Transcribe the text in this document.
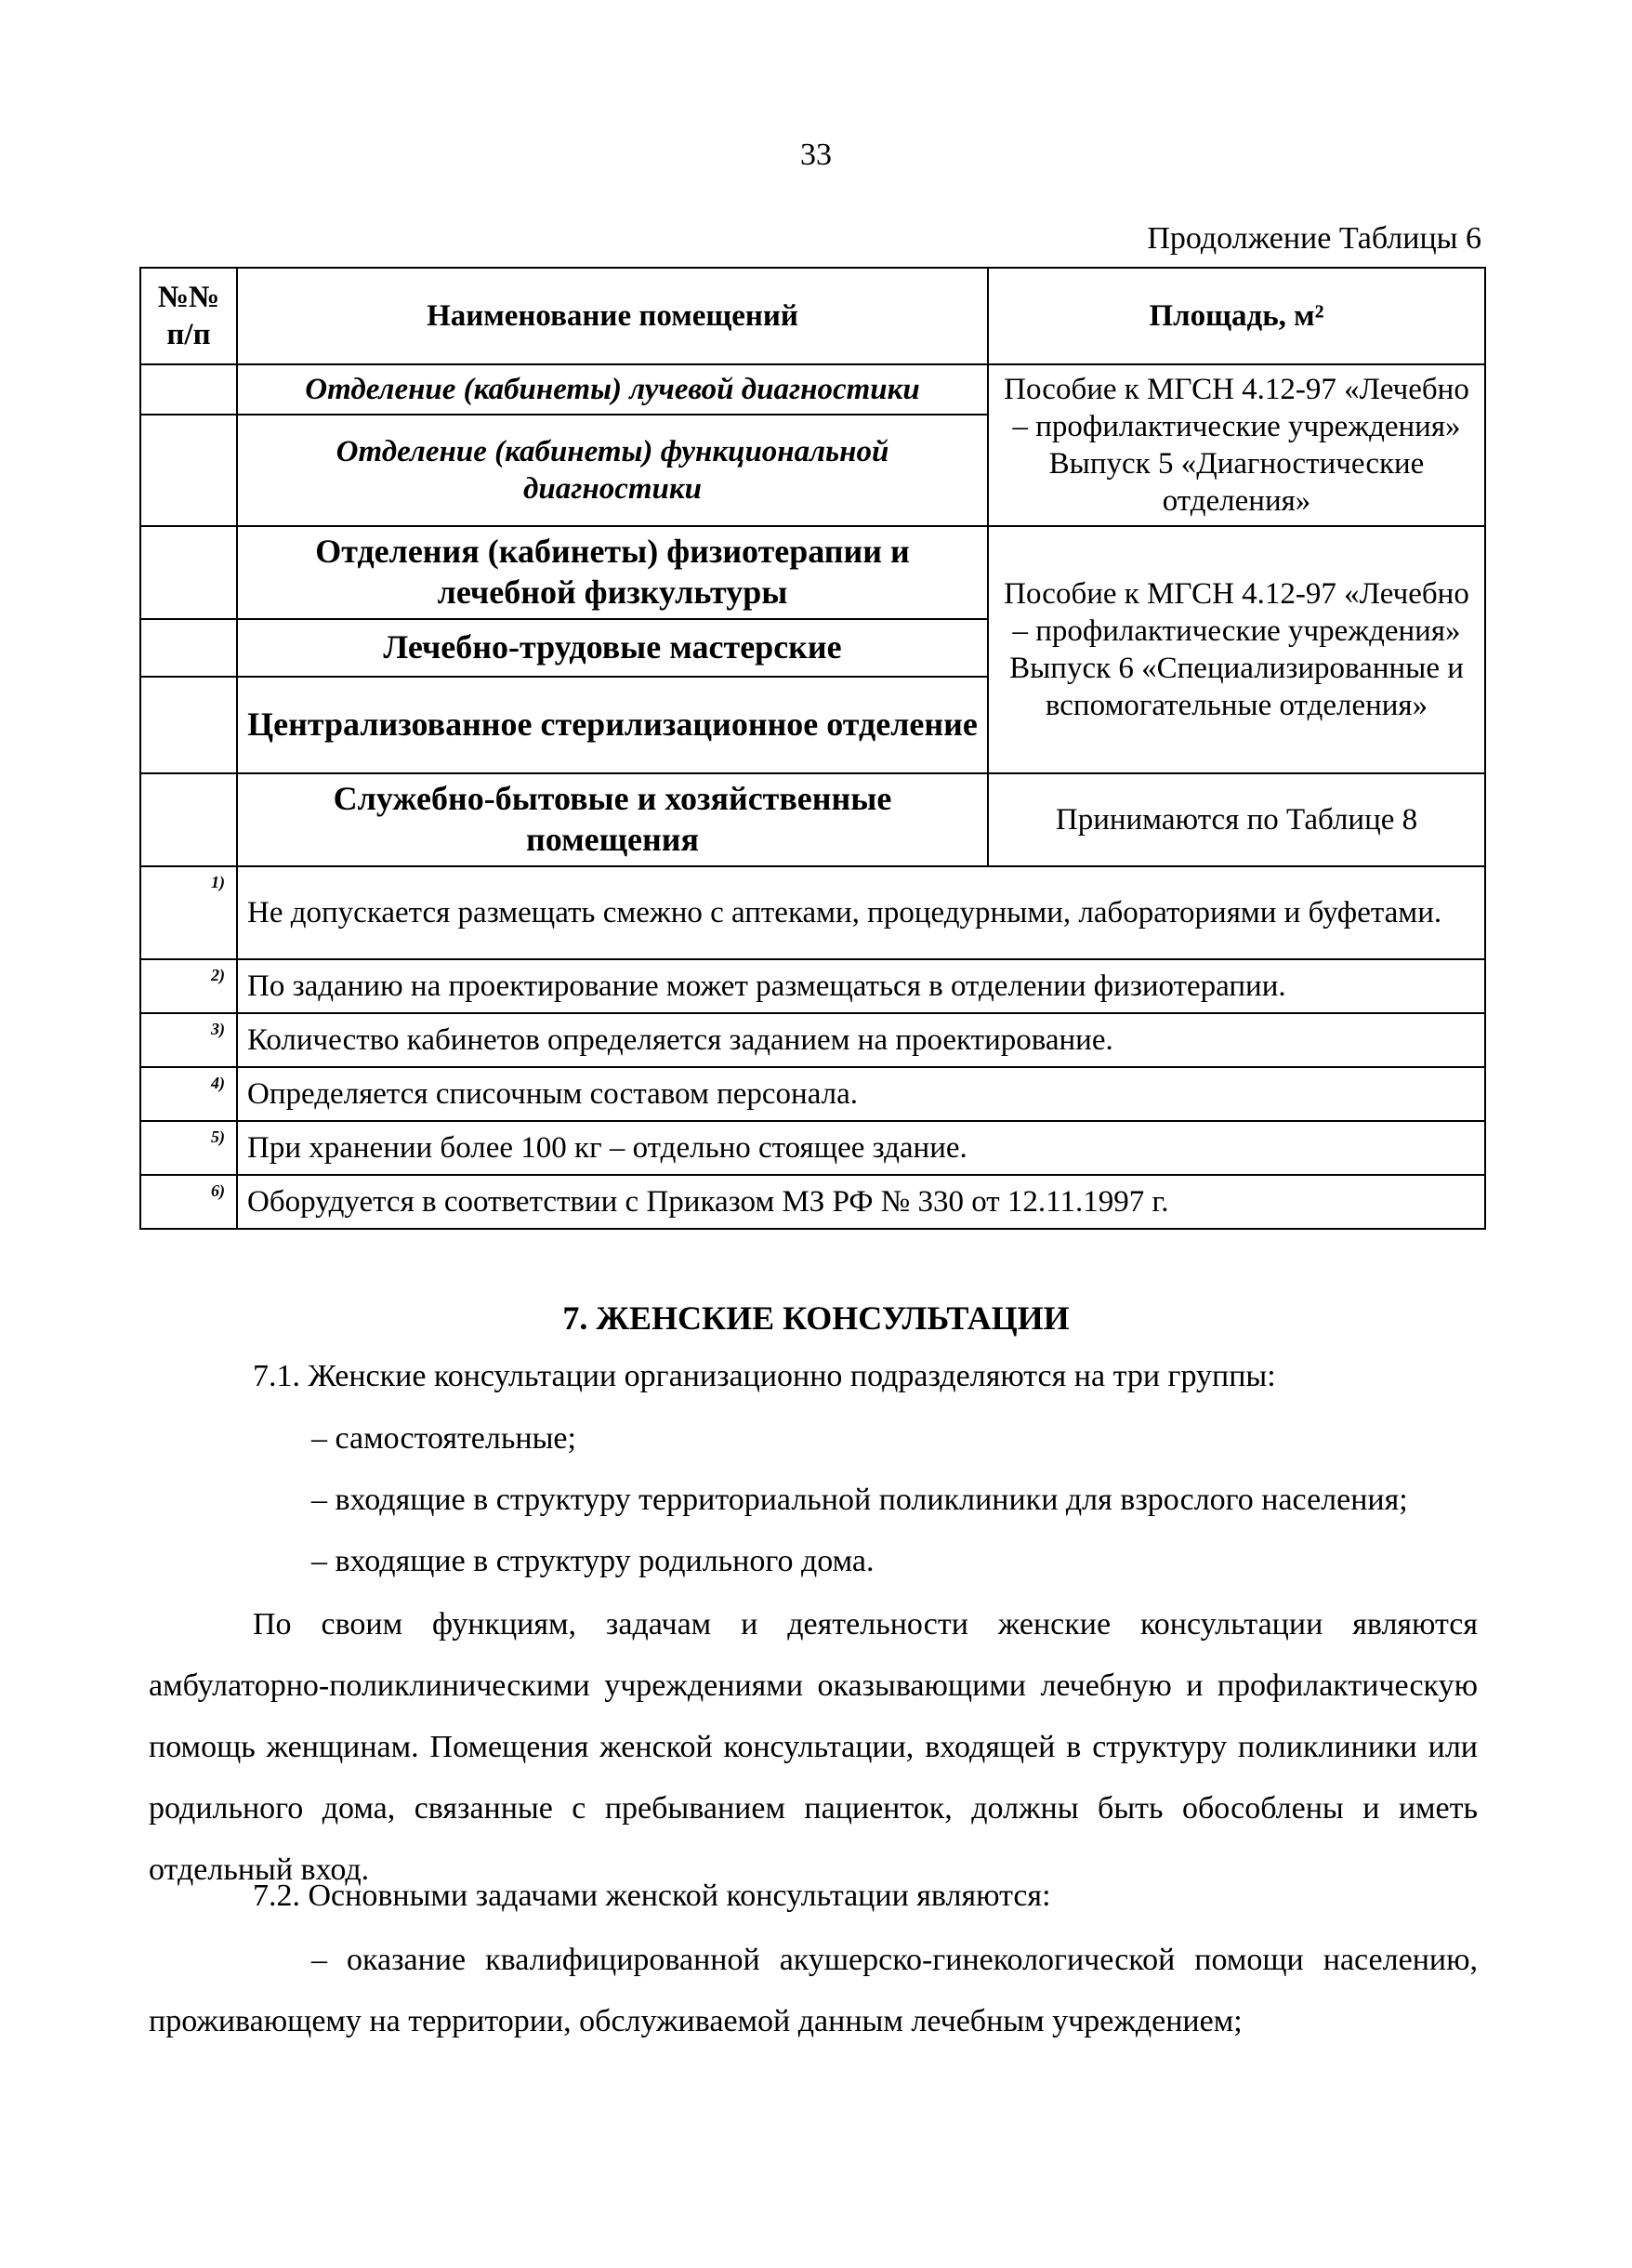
33
Продолжение Таблицы 6
№№ п/п	Наименование помещений	Площадь, м²
	Отделение (кабинеты) лучевой диагностики	Пособие к МГСН 4.12-97 «Лечебно – профилактические учреждения» Выпуск 5 «Диагностические отделения»
	Отделение (кабинеты) функциональной диагностики	
	Отделения (кабинеты) физиотерапии и лечебной физкультуры	Пособие к МГСН 4.12-97 «Лечебно – профилактические учреждения» Выпуск 6 «Специализированные и вспомогательные отделения»
	Лечебно-трудовые мастерские	
	Централизованное стерилизационное отделение	
	Служебно-бытовые и хозяйственные помещения	Принимаются по Таблице 8
1)	Не допускается размещать смежно с аптеками, процедурными, лабораториями и буфетами.	
2)	По заданию на проектирование может размещаться в отделении физиотерапии.	
3)	Количество кабинетов определяется заданием на проектирование.	
4)	Определяется списочным составом персонала.	
5)	При хранении более 100 кг – отдельно стоящее здание.	
6)	Оборудуется в соответствии с Приказом МЗ РФ № 330 от 12.11.1997 г.	
7. ЖЕНСКИЕ КОНСУЛЬТАЦИИ
7.1. Женские консультации организационно подразделяются на три группы:
– самостоятельные;
– входящие в структуру территориальной поликлиники для взрослого населения;
– входящие в структуру родильного дома.
По своим функциям, задачам и деятельности женские консультации являются амбулаторно-поликлиническими учреждениями оказывающими лечебную и профилактическую помощь женщинам. Помещения женской консультации, входящей в структуру поликлиники или родильного дома, связанные с пребыванием пациенток, должны быть обособлены и иметь отдельный вход.
7.2. Основными задачами женской консультации являются:
– оказание квалифицированной акушерско-гинекологической помощи населению, проживающему на территории, обслуживаемой данным лечебным учреждением;
